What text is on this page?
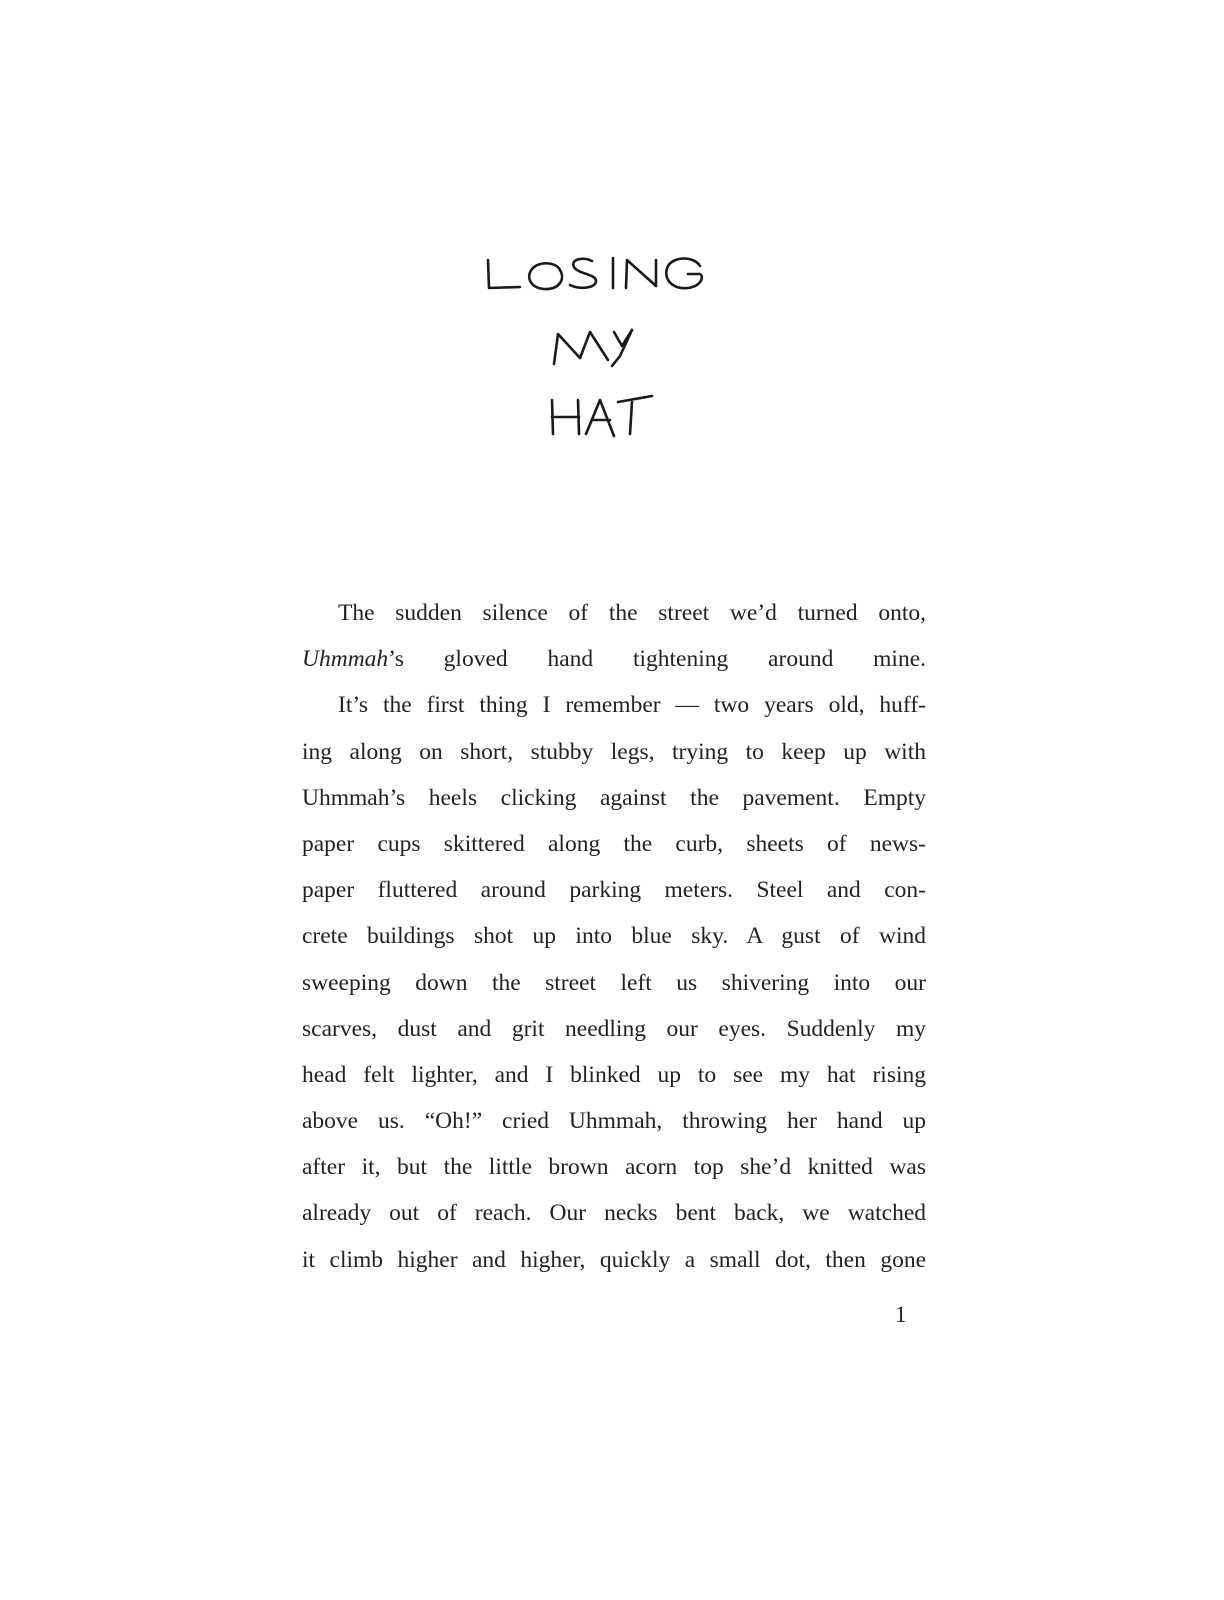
The sudden silence of the street we’d turned onto,
Uhmmah’s gloved hand tightening around mine.
It’s the first thing I remember — two years old, huff-
ing along on short, stubby legs, trying to keep up with
Uhmmah’s heels clicking against the pavement. Empty
paper cups skittered along the curb, sheets of news-
paper fluttered around parking meters. Steel and con-
crete buildings shot up into blue sky. A gust of wind
sweeping down the street left us shivering into our
scarves, dust and grit needling our eyes. Suddenly my
head felt lighter, and I blinked up to see my hat rising
above us. “Oh!” cried Uhmmah, throwing her hand up
after it, but the little brown acorn top she’d knitted was
already out of reach. Our necks bent back, we watched
it climb higher and higher, quickly a small dot, then gone
1
